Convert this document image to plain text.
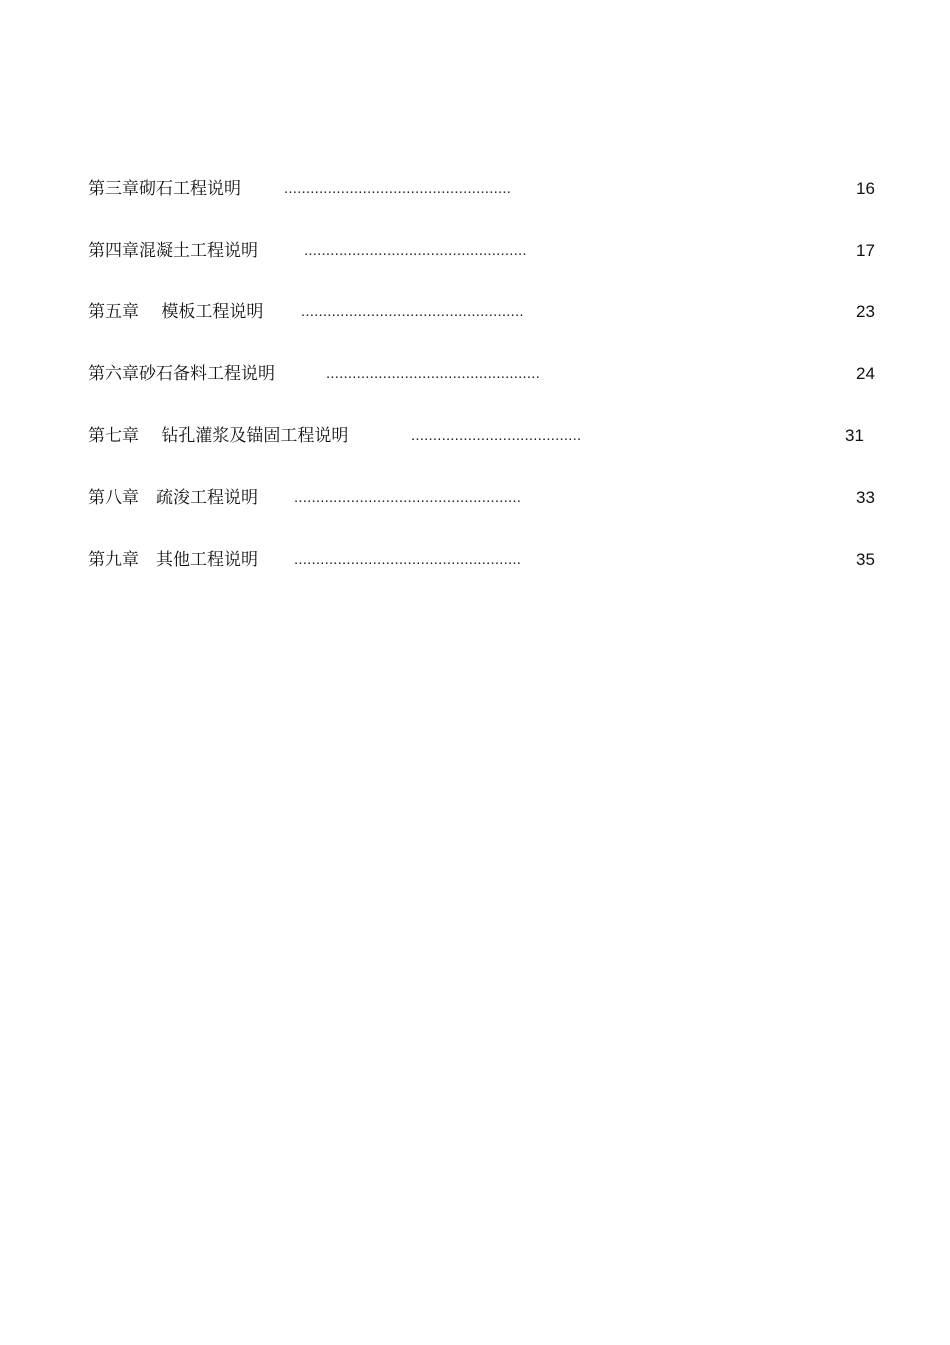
第三章砌石工程说明	....................................................	16
第四章混凝土工程说明	...................................................	17
第五章　 模板工程说明	...................................................	23
第六章砂石备料工程说明	.................................................	24
第七章　 钻孔灌浆及锚固工程说明	.......................................	31
第八章　疏浚工程说明 ....................................................	33
第九章　其他工程说明 ....................................................	35
